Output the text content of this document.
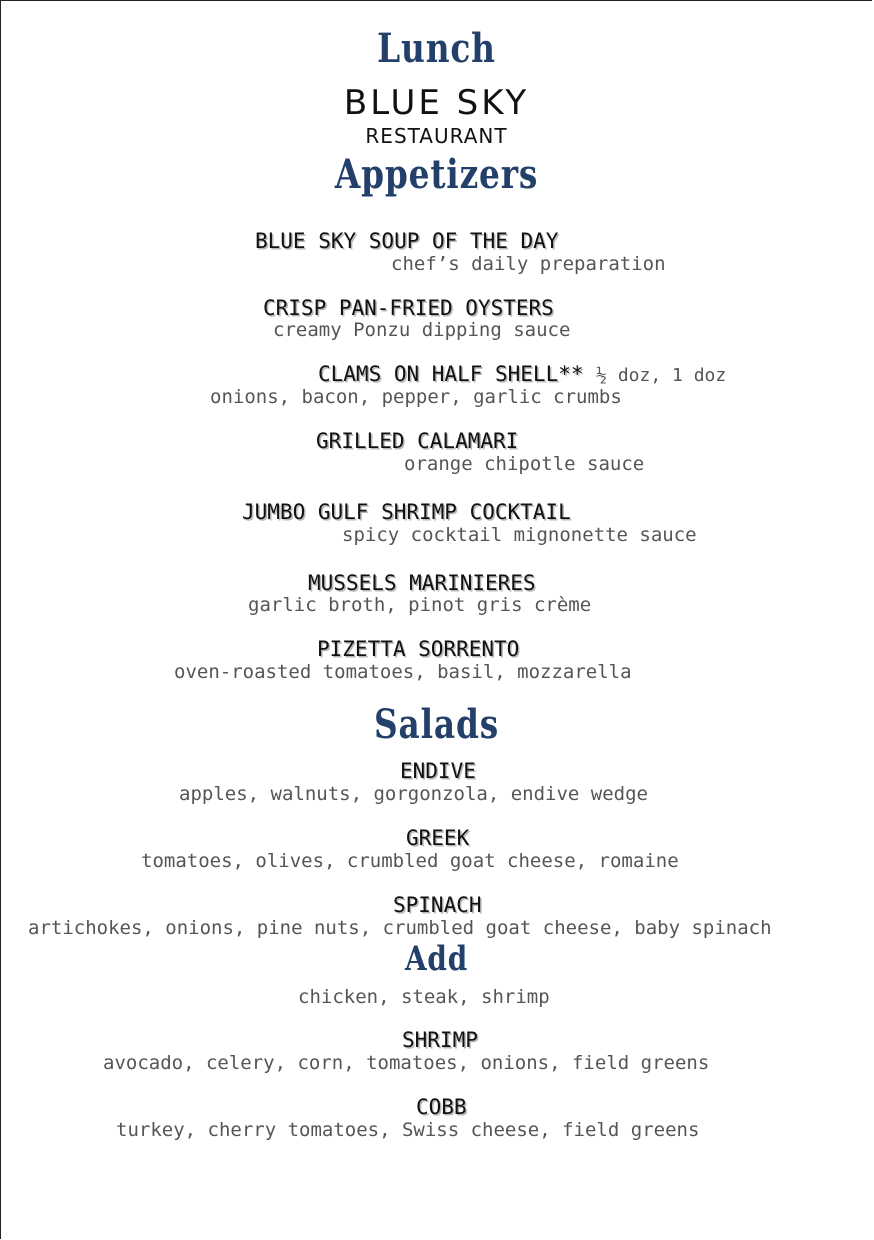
Lunch
BLUE SKY
RESTAURANT
Appetizers
BLUE SKY SOUP OF THE DAY
chef’s daily preparation
CRISP PAN-FRIED OYSTERS
creamy Ponzu dipping sauce
CLAMS ON HALF SHELL** ½ doz, 1 doz
onions, bacon, pepper, garlic crumbs
GRILLED CALAMARI
orange chipotle sauce
JUMBO GULF SHRIMP COCKTAIL
spicy cocktail mignonette sauce
MUSSELS MARINIERES
garlic broth, pinot gris crème
PIZETTA SORRENTO
oven-roasted tomatoes, basil, mozzarella
Salads
ENDIVE
apples, walnuts, gorgonzola, endive wedge
GREEK
tomatoes, olives, crumbled goat cheese, romaine
SPINACH
artichokes, onions, pine nuts, crumbled goat cheese, baby spinach
Add
chicken, steak, shrimp
SHRIMP
avocado, celery, corn, tomatoes, onions, field greens
COBB
turkey, cherry tomatoes, Swiss cheese, field greens
